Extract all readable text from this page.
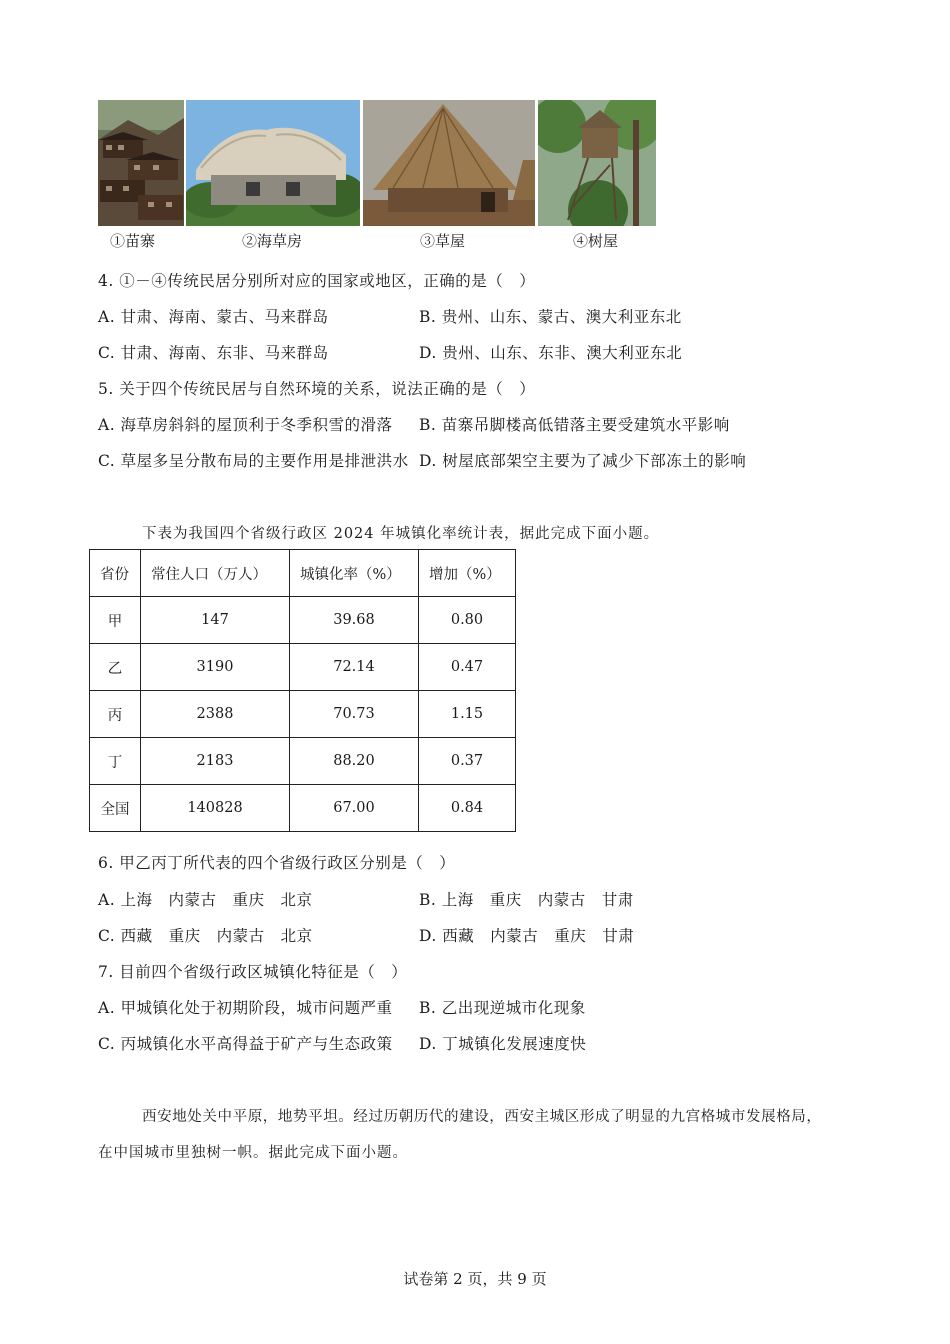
①苗寨	②海草房	③草屋	④树屋
4. ①－④传统民居分别所对应的国家或地区，正确的是（　）
A. 甘肃、海南、蒙古、马来群岛	B. 贵州、山东、蒙古、澳大利亚东北
C. 甘肃、海南、东非、马来群岛	D. 贵州、山东、东非、澳大利亚东北
5. 关于四个传统民居与自然环境的关系，说法正确的是（　）
A. 海草房斜斜的屋顶利于冬季积雪的滑落 B. 苗寨吊脚楼高低错落主要受建筑水平影响
C. 草屋多呈分散布局的主要作用是排泄洪水 D. 树屋底部架空主要为了减少下部冻土的影响
下表为我国四个省级行政区 2024 年城镇化率统计表，据此完成下面小题。
省份	常住人口（万人）	城镇化率（%）	增加（%）
甲	147	39.68	0.80
乙	3190	72.14	0.47
丙	2388	70.73	1.15
丁	2183	88.20	0.37
全国	140828	67.00	0.84
6. 甲乙丙丁所代表的四个省级行政区分别是（　）
A. 上海　内蒙古　重庆　北京	B. 上海　重庆　内蒙古　甘肃
C. 西藏　重庆　内蒙古　北京	D. 西藏　内蒙古　重庆　甘肃
7. 目前四个省级行政区城镇化特征是（　）
A. 甲城镇化处于初期阶段，城市问题严重 B. 乙出现逆城市化现象
C. 丙城镇化水平高得益于矿产与生态政策 D. 丁城镇化发展速度快
西安地处关中平原，地势平坦。经过历朝历代的建设，西安主城区形成了明显的九宫格城市发展格局，
在中国城市里独树一帜。据此完成下面小题。
试卷第 2 页，共 9 页
